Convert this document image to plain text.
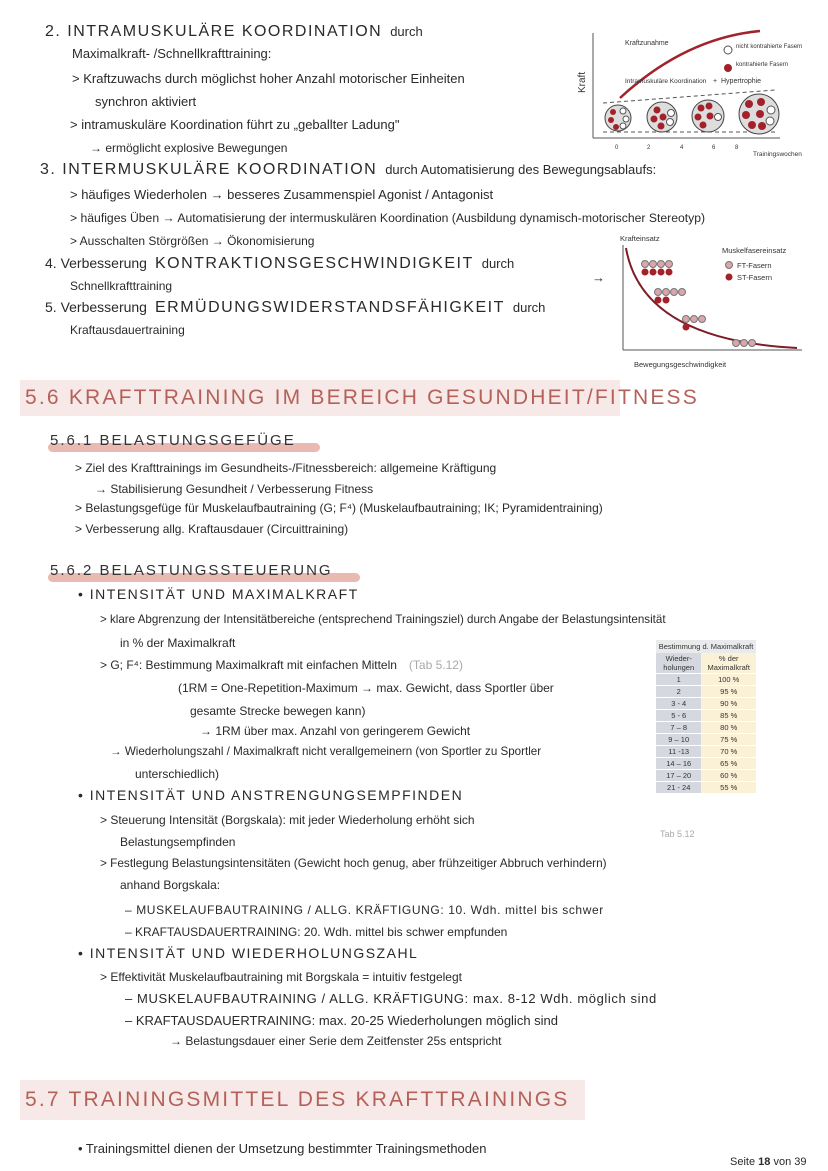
2. INTRAMUSKULÄRE KOORDINATION durch
Maximalkraft- /Schnellkrafttraining:
> Kraftzuwachs durch möglichst hoher Anzahl motorischer Einheiten
synchron aktiviert
> intramuskuläre Koordination führt zu „geballter Ladung"
→ ermöglicht explosive Bewegungen
3. INTERMUSKULÄRE KOORDINATION durch Automatisierung des Bewegungsablaufs:
> häufiges Wiederholen → besseres Zusammenspiel Agonist / Antagonist
> häufiges Üben → Automatisierung der intermuskulären Koordination (Ausbildung dynamisch-motorischer Stereotyp)
> Ausschalten Störgrößen → Ökonomisierung
4. Verbesserung KONTRAKTIONSGESCHWINDIGKEIT durch
Schnellkrafttraining
5. Verbesserung ERMÜDUNGSWIDERSTANDSFÄHIGKEIT durch
Kraftausdauertraining
→
Kraft
Kraftzunahme	nicht kontrahierte Fasern
kontrahierte Fasern
Intramuskuläre Koordination + Hypertrophie
0	2	4	6	8
Trainingswochen
Krafteinsatz
Muskelfasereinsatz
FT-Fasern
ST-Fasern
Bewegungsgeschwindigkeit
5.6 KRAFTTRAINING IM BEREICH GESUNDHEIT/FITNESS
5.6.1 BELASTUNGSGEFÜGE
> Ziel des Krafttrainings im Gesundheits-/Fitnessbereich: allgemeine Kräftigung
→ Stabilisierung Gesundheit / Verbesserung Fitness
> Belastungsgefüge für Muskelaufbautraining (G; F⁴) (Muskelaufbautraining; IK; Pyramidentraining)
> Verbesserung allg. Kraftausdauer (Circuittraining)
5.6.2 BELASTUNGSSTEUERUNG
• INTENSITÄT UND MAXIMALKRAFT
> klare Abgrenzung der Intensitätbereiche (entsprechend Trainingsziel) durch Angabe der Belastungsintensität
in % der Maximalkraft
> G; F⁴: Bestimmung Maximalkraft mit einfachen Mitteln (Tab 5.12)
(1RM = One-Repetition-Maximum → max. Gewicht, dass Sportler über
gesamte Strecke bewegen kann)
→ 1RM über max. Anzahl von geringerem Gewicht
→ Wiederholungszahl / Maximalkraft nicht verallgemeinern (von Sportler zu Sportler
unterschiedlich)
• INTENSITÄT UND ANSTRENGUNGSEMPFINDEN
> Steuerung Intensität (Borgskala): mit jeder Wiederholung erhöht sich
Belastungsempfinden
> Festlegung Belastungsintensitäten (Gewicht hoch genug, aber frühzeitiger Abbruch verhindern)
anhand Borgskala:
– MUSKELAUFBAUTRAINING / ALLG. KRÄFTIGUNG: 10. Wdh. mittel bis schwer
– KRAFTAUSDAUERTRAINING: 20. Wdh. mittel bis schwer empfunden
• INTENSITÄT UND WIEDERHOLUNGSZAHL
> Effektivität Muskelaufbautraining mit Borgskala = intuitiv festgelegt
– MUSKELAUFBAUTRAINING / ALLG. KRÄFTIGUNG: max. 8-12 Wdh. möglich sind
– KRAFTAUSDAUERTRAINING: max. 20-25 Wiederholungen möglich sind
→ Belastungsdauer einer Serie dem Zeitfenster 25s entspricht
Bestimmung d. Maximalkraft	
Wieder-holungen	% der Maximalkraft
1	100 %
2	95 %
3 - 4	90 %
5 - 6	85 %
7 – 8	80 %
9 – 10	75 %
11 -13	70 %
14 – 16	65 %
17 – 20	60 %
21 - 24	55 %
Tab 5.12
5.7 TRAININGSMITTEL DES KRAFTTRAININGS
• Trainingsmittel dienen der Umsetzung bestimmter Trainingsmethoden
Seite 18 von 39
